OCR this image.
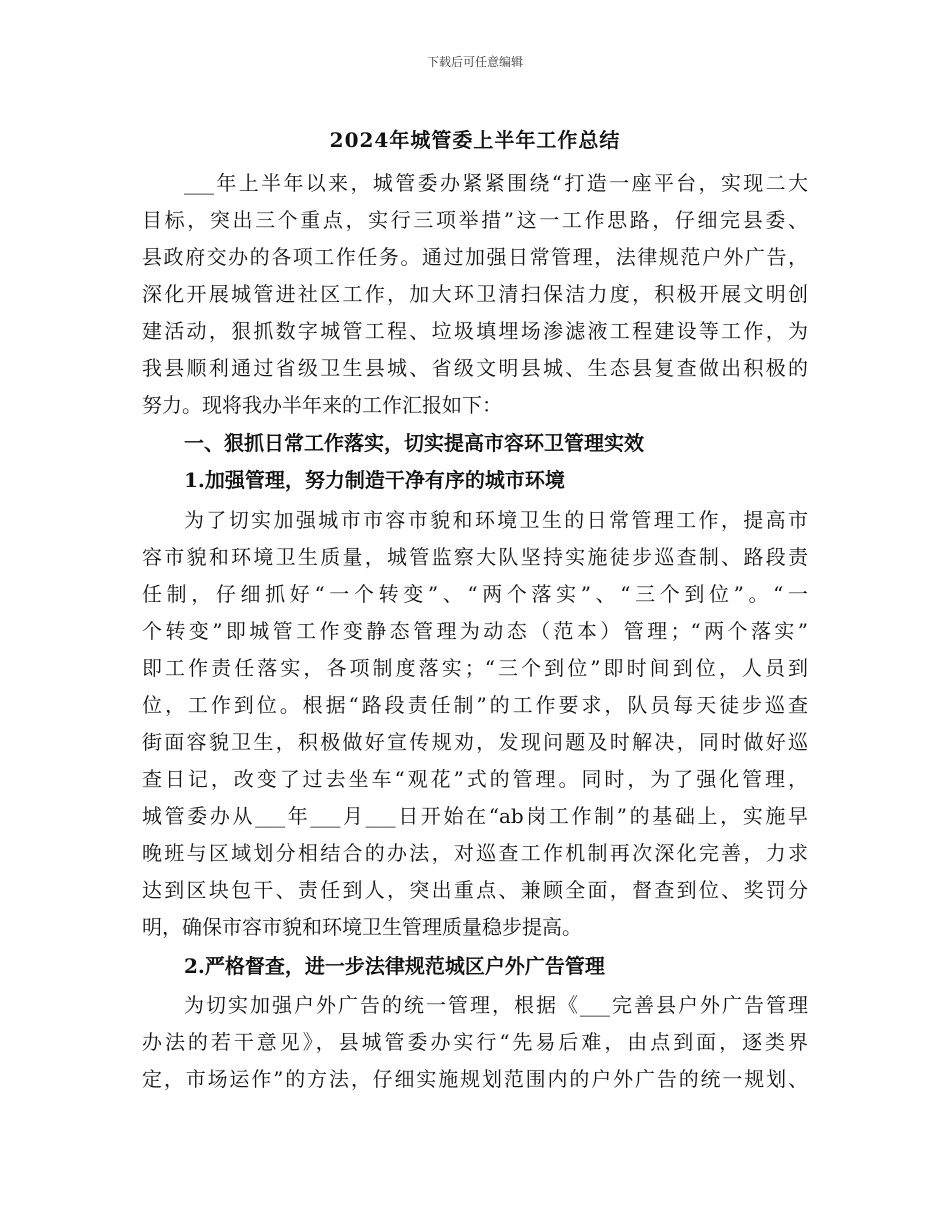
下载后可任意编辑
2024年城管委上半年工作总结
___年上半年以来，城管委办紧紧围绕“打造一座平台，实现二大
目标，突出三个重点，实行三项举措”这一工作思路，仔细完县委、
县政府交办的各项工作任务。通过加强日常管理，法律规范户外广告，
深化开展城管进社区工作，加大环卫清扫保洁力度，积极开展文明创
建活动，狠抓数字城管工程、垃圾填埋场渗滤液工程建设等工作，为
我县顺利通过省级卫生县城、省级文明县城、生态县复查做出积极的
努力。现将我办半年来的工作汇报如下：
一、狠抓日常工作落实，切实提高市容环卫管理实效
1.加强管理，努力制造干净有序的城市环境
为了切实加强城市市容市貌和环境卫生的日常管理工作，提高市
容市貌和环境卫生质量，城管监察大队坚持实施徒步巡查制、路段责
任制，仔细抓好“一个转变”、“两个落实”、“三个到位”。“一
个转变”即城管工作变静态管理为动态（范本）管理；“两个落实”
即工作责任落实，各项制度落实；“三个到位”即时间到位，人员到
位，工作到位。根据“路段责任制”的工作要求，队员每天徒步巡查
街面容貌卫生，积极做好宣传规劝，发现问题及时解决，同时做好巡
查日记，改变了过去坐车“观花”式的管理。同时，为了强化管理，
城管委办从___年___月___日开始在“ab岗工作制”的基础上，实施早
晚班与区域划分相结合的办法，对巡查工作机制再次深化完善，力求
达到区块包干、责任到人，突出重点、兼顾全面，督查到位、奖罚分
明，确保市容市貌和环境卫生管理质量稳步提高。
2.严格督查，进一步法律规范城区户外广告管理
为切实加强户外广告的统一管理，根据《___完善县户外广告管理
办法的若干意见》，县城管委办实行“先易后难，由点到面，逐类界
定，市场运作”的方法，仔细实施规划范围内的户外广告的统一规划、
